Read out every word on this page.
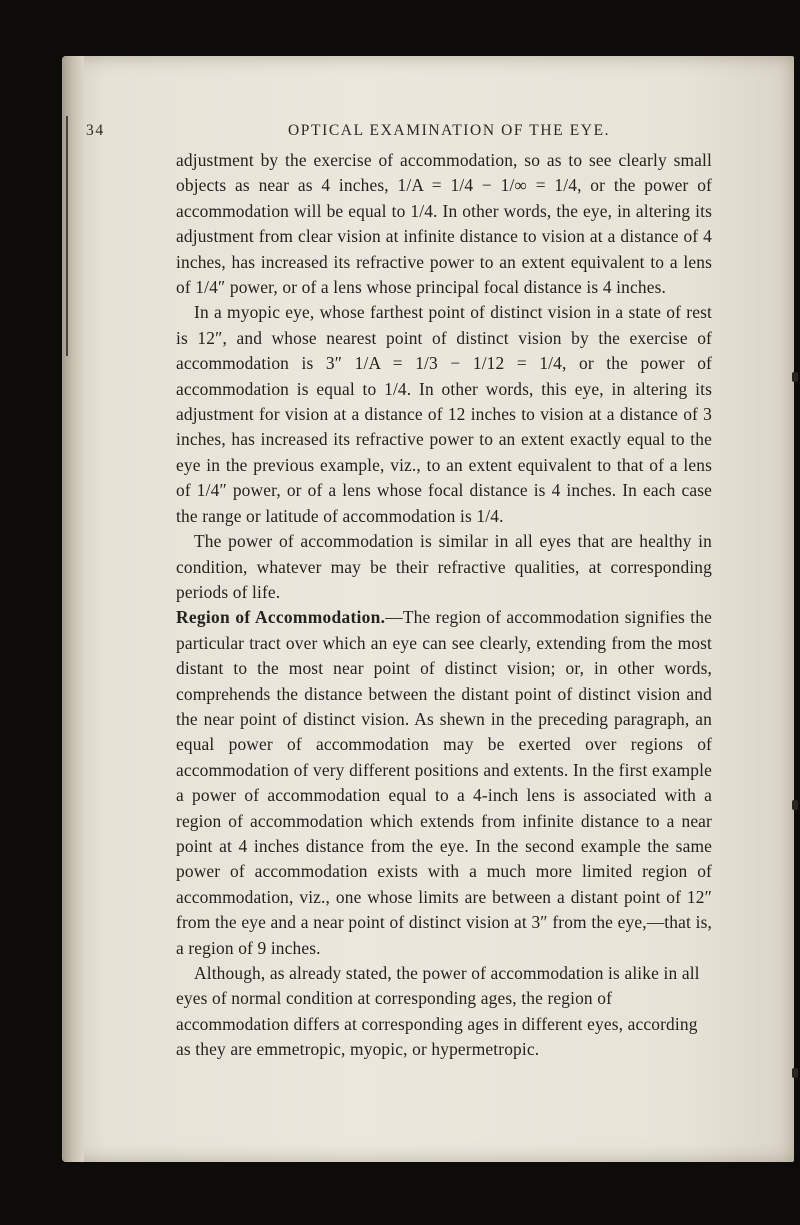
34	OPTICAL EXAMINATION OF THE EYE.

adjustment by the exercise of accommodation, so as to see clearly small objects as near as 4 inches, 1/A = 1/4 − 1/∞ = 1/4, or the power of accommodation will be equal to 1/4. In other words, the eye, in altering its adjustment from clear vision at infinite distance to vision at a distance of 4 inches, has increased its refractive power to an extent equivalent to a lens of 1/4″ power, or of a lens whose principal focal distance is 4 inches.

In a myopic eye, whose farthest point of distinct vision in a state of rest is 12″, and whose nearest point of distinct vision by the exercise of accommodation is 3″ 1/A = 1/3 − 1/12 = 1/4, or the power of accommodation is equal to 1/4. In other words, this eye, in altering its adjustment for vision at a distance of 12 inches to vision at a distance of 3 inches, has increased its refractive power to an extent exactly equal to the eye in the previous example, viz., to an extent equivalent to that of a lens of 1/4″ power, or of a lens whose focal distance is 4 inches. In each case the range or latitude of accommodation is 1/4.

The power of accommodation is similar in all eyes that are healthy in condition, whatever may be their refractive qualities, at corresponding periods of life.

Region of Accommodation.—The region of accommodation signifies the particular tract over which an eye can see clearly, extending from the most distant to the most near point of distinct vision; or, in other words, comprehends the distance between the distant point of distinct vision and the near point of distinct vision. As shewn in the preceding paragraph, an equal power of accommodation may be exerted over regions of accommodation of very different positions and extents. In the first example a power of accommodation equal to a 4-inch lens is associated with a region of accommodation which extends from infinite distance to a near point at 4 inches distance from the eye. In the second example the same power of accommodation exists with a much more limited region of accommodation, viz., one whose limits are between a distant point of 12″ from the eye and a near point of distinct vision at 3″ from the eye,—that is, a region of 9 inches.

Although, as already stated, the power of accommodation is alike in all eyes of normal condition at corresponding ages, the region of accommodation differs at corresponding ages in different eyes, according as they are emmetropic, myopic, or hypermetropic.
